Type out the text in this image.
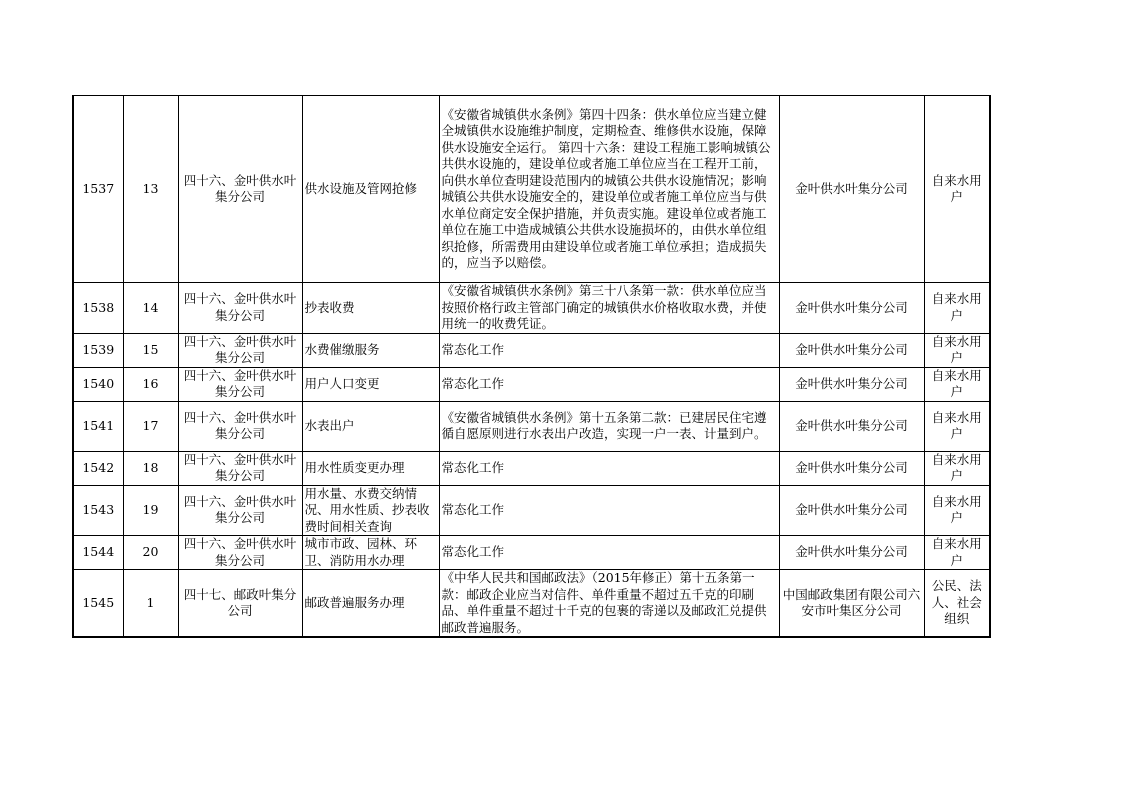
1537	13	四十六、金叶供水叶集分公司	供水设施及管网抢修	《安徽省城镇供水条例》第四十四条：供水单位应当建立健全城镇供水设施维护制度，定期检查、维修供水设施，保障供水设施安全运行。 第四十六条：建设工程施工影响城镇公共供水设施的，建设单位或者施工单位应当在工程开工前，向供水单位查明建设范围内的城镇公共供水设施情况；影响城镇公共供水设施安全的，建设单位或者施工单位应当与供水单位商定安全保护措施，并负责实施。建设单位或者施工单位在施工中造成城镇公共供水设施损坏的，由供水单位组织抢修，所需费用由建设单位或者施工单位承担；造成损失的，应当予以赔偿。	金叶供水叶集分公司	自来水用户
1538	14	四十六、金叶供水叶集分公司	抄表收费	《安徽省城镇供水条例》第三十八条第一款：供水单位应当按照价格行政主管部门确定的城镇供水价格收取水费，并使用统一的收费凭证。	金叶供水叶集分公司	自来水用户
1539	15	四十六、金叶供水叶集分公司	水费催缴服务	常态化工作	金叶供水叶集分公司	自来水用户
1540	16	四十六、金叶供水叶集分公司	用户人口变更	常态化工作	金叶供水叶集分公司	自来水用户
1541	17	四十六、金叶供水叶集分公司	水表出户	《安徽省城镇供水条例》第十五条第二款：已建居民住宅遵循自愿原则进行水表出户改造，实现一户一表、计量到户。	金叶供水叶集分公司	自来水用户
1542	18	四十六、金叶供水叶集分公司	用水性质变更办理	常态化工作	金叶供水叶集分公司	自来水用户
1543	19	四十六、金叶供水叶集分公司	用水量、水费交纳情况、用水性质、抄表收费时间相关查询	常态化工作	金叶供水叶集分公司	自来水用户
1544	20	四十六、金叶供水叶集分公司	城市市政、园林、环卫、消防用水办理	常态化工作	金叶供水叶集分公司	自来水用户
1545	1	四十七、邮政叶集分公司	邮政普遍服务办理	《中华人民共和国邮政法》（2015年修正）第十五条第一款：邮政企业应当对信件、单件重量不超过五千克的印刷品、单件重量不超过十千克的包裹的寄递以及邮政汇兑提供邮政普遍服务。	中国邮政集团有限公司六安市叶集区分公司	公民、法人、社会组织
